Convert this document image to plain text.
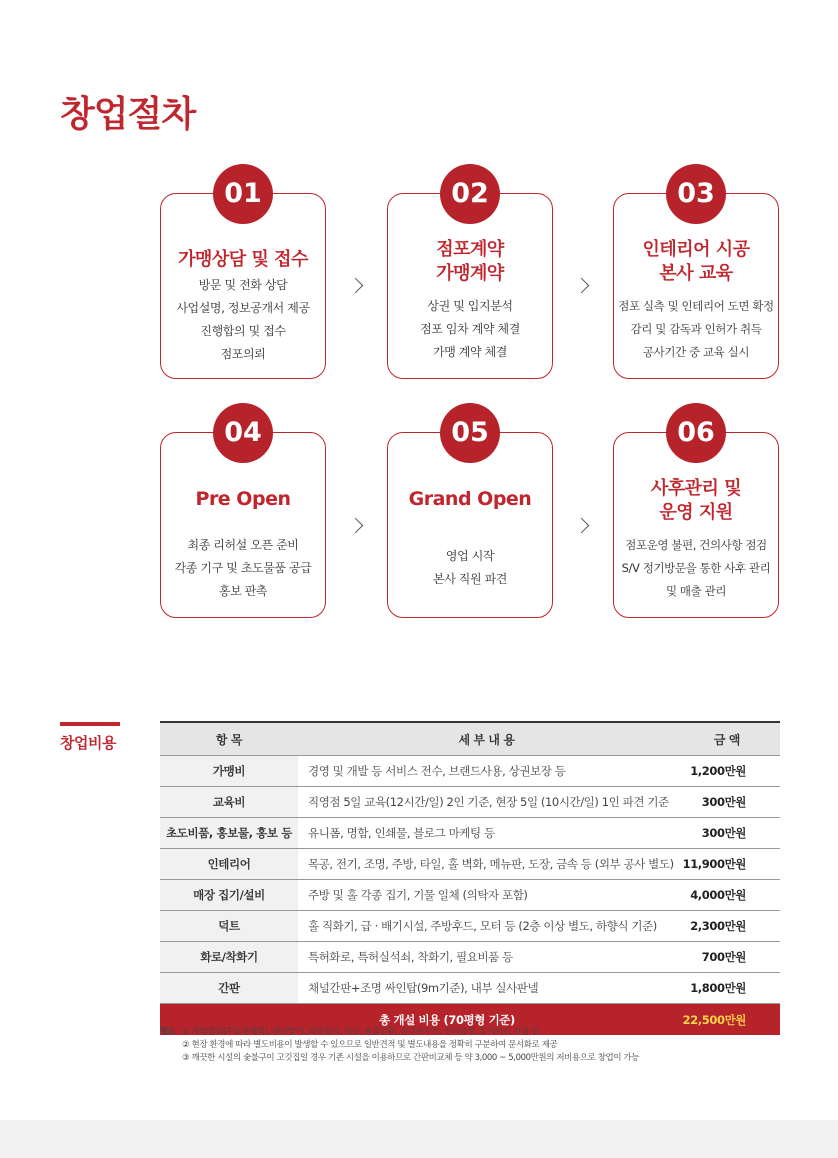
창업절차
01
가맹상담 및 접수
방문 및 전화 상담
사업설명, 정보공개서 제공
진행합의 및 접수
점포의뢰
02
점포계약
가맹계약
상권 및 입지분석
점포 임차 계약 체결
가맹 계약 체결
03
인테리어 시공
본사 교육
점포 실측 및 인테리어 도면 확정
감리 및 감독과 인허가 취득
공사기간 중 교육 실시
04
Pre Open
최종 리허설 오픈 준비
각종 기구 및 초도물품 공급
홍보 판촉
05
Grand Open
영업 시작
본사 직원 파견
06
사후관리 및
운영 지원
점포운영 불편, 건의사항 점검
S/V 정기방문을 통한 사후 관리
및 매출 관리
창업비용	항 목	세 부 내 용	금 액
가맹비	경영 및 개발 등 서비스 전수, 브랜드사용, 상권보장 등	1,200만원
교육비	직영점 5일 교육(12시간/일) 2인 기준, 현장 5일 (10시간/일) 1인 파견 기준	300만원
초도비품, 홍보물, 홍보 등	유니폼, 명함, 인쇄물, 블로그 마케팅 등	300만원
인테리어	목공, 전기, 조명, 주방, 타일, 홀 벽화, 메뉴판, 도장, 금속 등 (외부 공사 별도)	11,900만원
매장 집기/설비	주방 및 홀 각종 집기, 기물 일체 (의탁자 포함)	4,000만원
덕트	홀 직화기, 급 · 배기시설, 주방후드, 모터 등 (2층 이상 별도, 하향식 기준)	2,300만원
화로/착화기	특허화로, 특허실석쇠, 착화기, 필요비품 등	700만원
간판	채널간판+조명 싸인탑(9m기준), 내부 실사판넬	1,800만원
총 개설 비용 (70평형 기준)		22,500만원
별도 ① 지방경비(수도권제외), 냉난방기, 외부공사, 어닝, 돌출간판, 순간온수기, 전기증설, 도시가스 시설 등
② 현장 환경에 따라 별도비용이 발생할 수 있으므로 일반견적 및 별도내용을 정확히 구분하여 문서화로 제공
③ 깨끗한 시설의 숯불구이 고깃집일 경우 기존 시설을 이용하므로 간판비교체 등 약 3,000 ~ 5,000만원의 저비용으로 창업이 가능
